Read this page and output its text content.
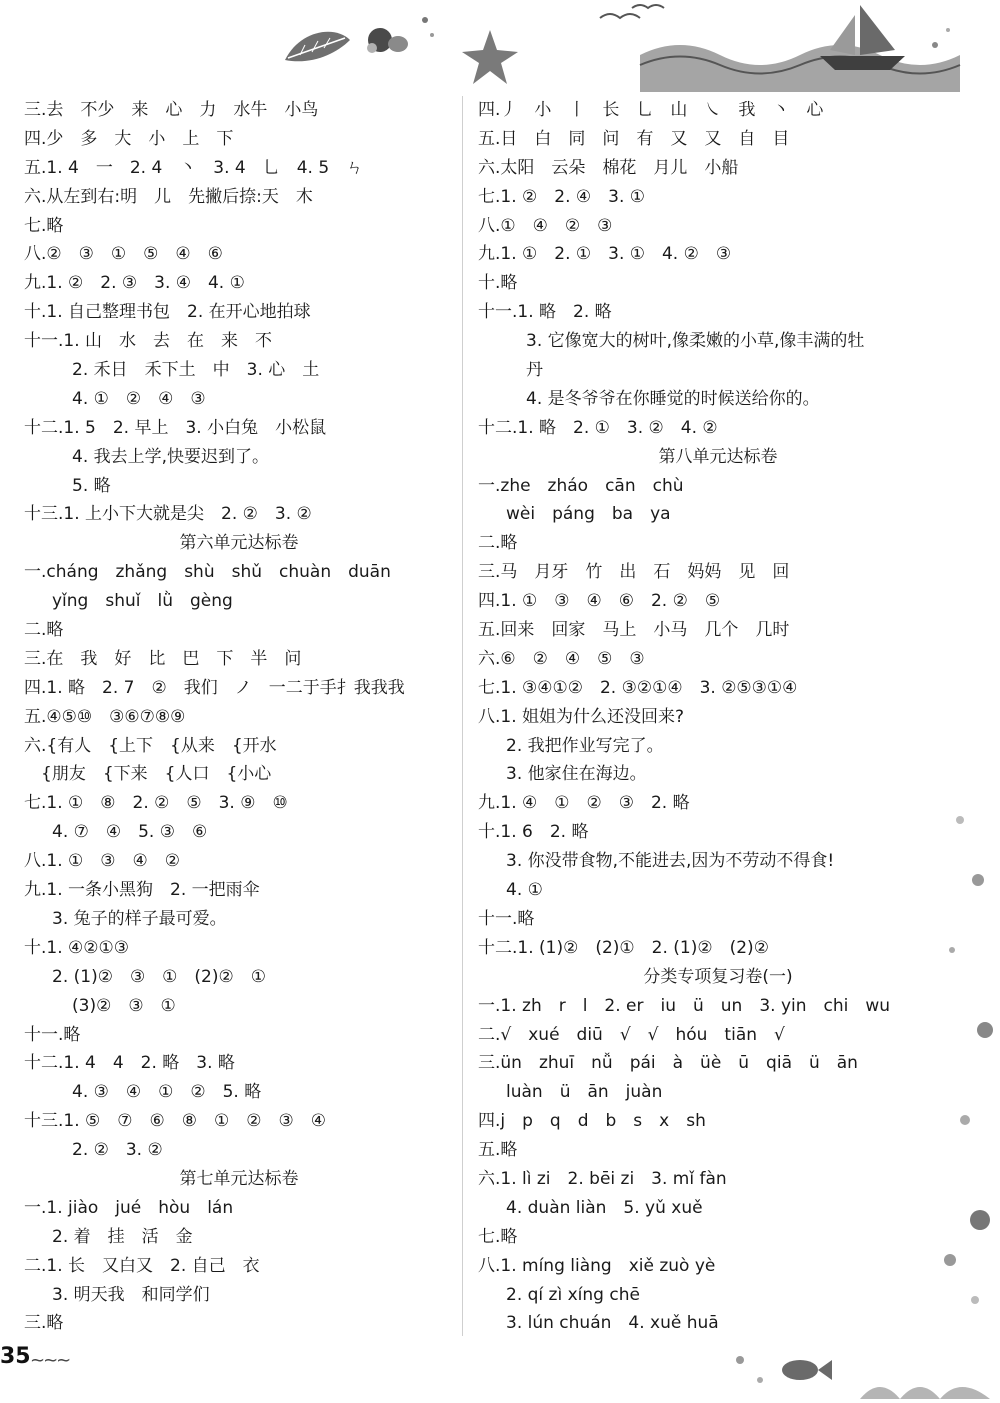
三.去　不少　来　心　力　水牛　小鸟
四.少　多　大　小　上　下
五.1. 4　一　2. 4　丶　3. 4　乚　4. 5　ㄣ
六.从左到右:明　儿　先撇后捺:天　木
七.略
八.②　③　①　⑤　④　⑥
九.1. ②　2. ③　3. ④　4. ①
十.1. 自己整理书包　2. 在开心地拍球
十一.1. 山　水　去　在　来　不
2. 禾日　禾下土　中　3. 心　土
4. ①　②　④　③
十二.1. 5　2. 早上　3. 小白兔　小松鼠
4. 我去上学,快要迟到了。
5. 略
十三.1. 上小下大就是尖　2. ②　3. ②
第六单元达标卷
一.cháng　zhǎng　shù　shǔ　chuàn　duān
yǐng　shuǐ　lǜ　gèng
二.略
三.在　我　好　比　巴　下　半　问
四.1. 略　2. 7　②　我们　ノ　一二于手扌我我我
五.④⑤⑩　③⑥⑦⑧⑨
六.{有人　{上下　{从来　{开水
　{朋友　{下来　{人口　{小心
七.1. ①　⑧　2. ②　⑤　3. ⑨　⑩
4. ⑦　④　5. ③　⑥
八.1. ①　③　④　②
九.1. 一条小黑狗　2. 一把雨伞
3. 兔子的样子最可爱。
十.1. ④②①③
2. (1)②　③　①　(2)②　①
(3)②　③　①
十一.略
十二.1. 4　4　2. 略　3. 略
4. ③　④　①　②　5. 略
十三.1. ⑤　⑦　⑥　⑧　①　②　③　④
2. ②　3. ②
第七单元达标卷
一.1. jiào　jué　hòu　lán
2. 着　挂　活　金
二.1. 长　又白又　2. 自己　衣
3. 明天我　和同学们
三.略
四.丿　小　丨　长　乚　山　㇏　我　丶　心
五.日　白　同　问　有　又　又　自　目
六.太阳　云朵　棉花　月儿　小船
七.1. ②　2. ④　3. ①
八.①　④　②　③
九.1. ①　2. ①　3. ①　4. ②　③
十.略
十一.1. 略　2. 略
3. 它像宽大的树叶,像柔嫩的小草,像丰满的牡
丹
4. 是冬爷爷在你睡觉的时候送给你的。
十二.1. 略　2. ①　3. ②　4. ②
第八单元达标卷
一.zhe　zháo　cān　chù
wèi　páng　ba　ya
二.略
三.马　月牙　竹　出　石　妈妈　见　回
四.1. ①　③　④　⑥　2. ②　⑤
五.回来　回家　马上　小马　几个　几时
六.⑥　②　④　⑤　③
七.1. ③④①②　2. ③②①④　3. ②⑤③①④
八.1. 姐姐为什么还没回来?
2. 我把作业写完了。
3. 他家住在海边。
九.1. ④　①　②　③　2. 略
十.1. 6　2. 略
3. 你没带食物,不能进去,因为不劳动不得食!
4. ①
十一.略
十二.1. (1)②　(2)①　2. (1)②　(2)②
分类专项复习卷(一)
一.1. zh　r　l　2. er　iu　ü　un　3. yin　chi　wu
二.√　xué　diū　√　√　hóu　tiān　√
三.ün　zhuī　nǚ　pái　à　üè　ū　qiā　ü　ān
luàn　ü　ān　juàn
四.j　p　q　d　b　s　x　sh
五.略
六.1. lì zi　2. bēi zi　3. mǐ fàn
4. duàn liàn　5. yǔ xuě
七.略
八.1. míng liàng　xiě zuò yè
2. qí zì xíng chē
3. lún chuán　4. xuě huā
35 ~~~
